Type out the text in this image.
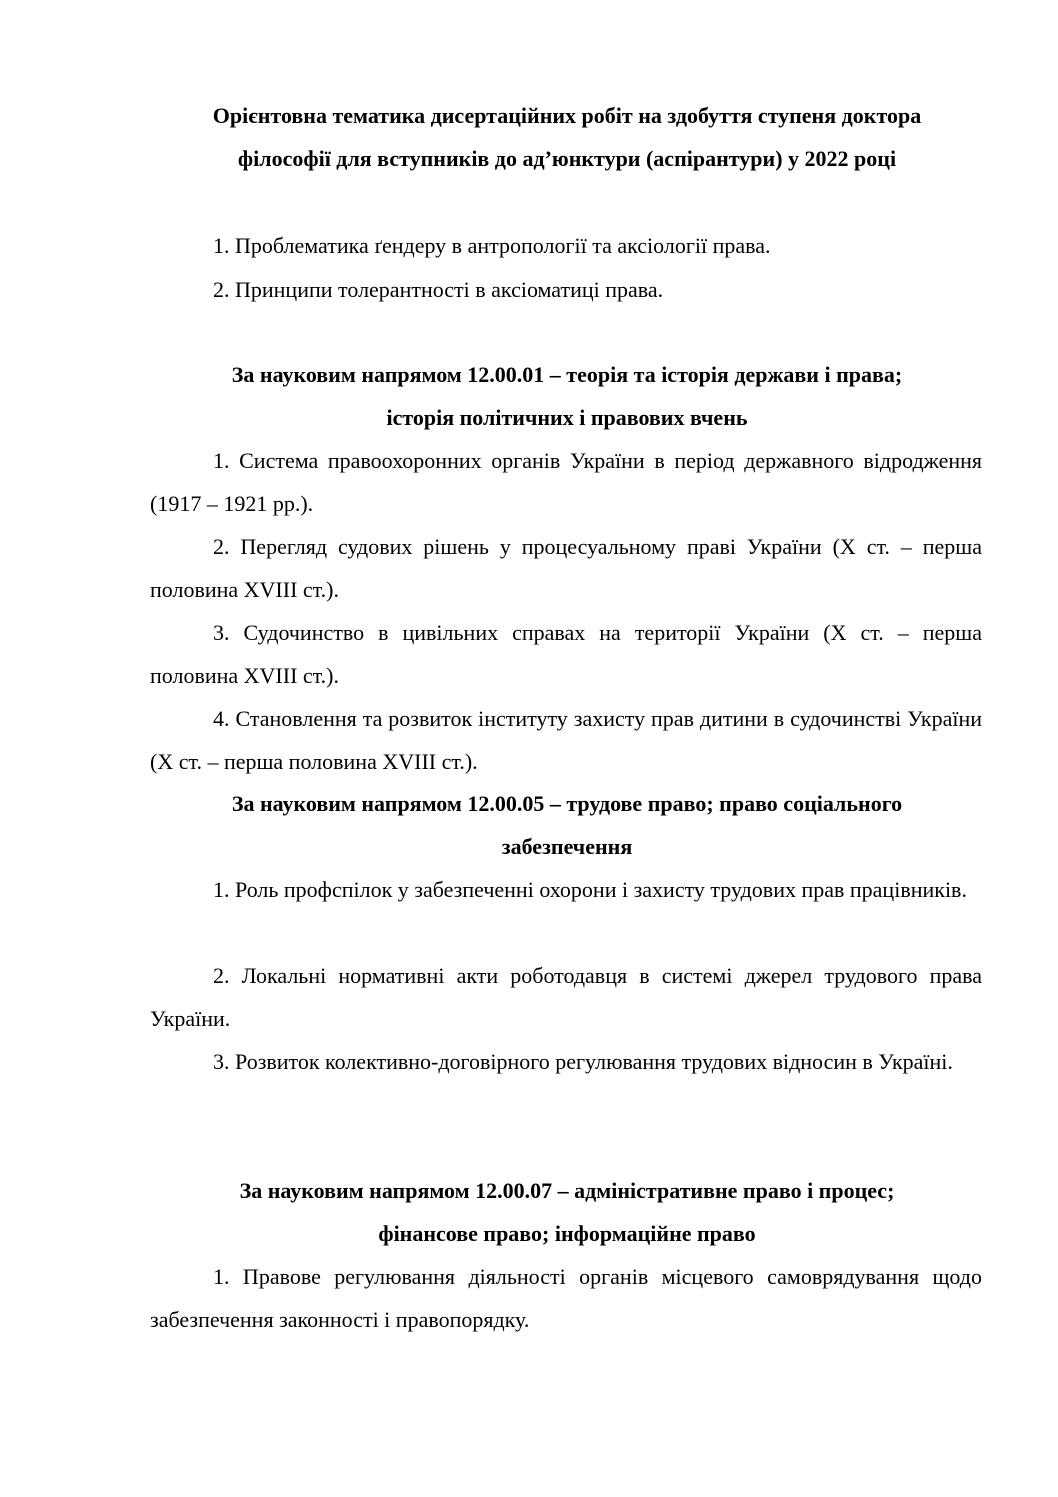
Орієнтовна тематика дисертаційних робіт на здобуття ступеня доктора
філософії для вступників до ад’юнктури (аспірантури) у 2022 році
1. Проблематика ґендеру в антропології та аксіології права.
2. Принципи толерантності в аксіоматиці права.
За науковим напрямом 12.00.01 – теорія та історія держави і права;
історія політичних і правових вчень
1. Система правоохоронних органів України в період державного відродження (1917 – 1921 рр.).
2. Перегляд судових рішень у процесуальному праві України (Х ст. – перша половина XVIII ст.).
3. Судочинство в цивільних справах на території України (Х ст. – перша половина XVIII ст.).
4. Становлення та розвиток інституту захисту прав дитини в судочинстві України (Х ст. – перша половина XVIII ст.).
За науковим напрямом 12.00.05 – трудове право; право соціального
забезпечення
1. Роль профспілок у забезпеченні охорони і захисту трудових прав працівників.
2. Локальні нормативні акти роботодавця в системі джерел трудового права України.
3. Розвиток колективно-договірного регулювання трудових відносин в Україні.
За науковим напрямом 12.00.07 – адміністративне право і процес;
фінансове право; інформаційне право
1. Правове регулювання діяльності органів місцевого самоврядування щодо забезпечення законності і правопорядку.
